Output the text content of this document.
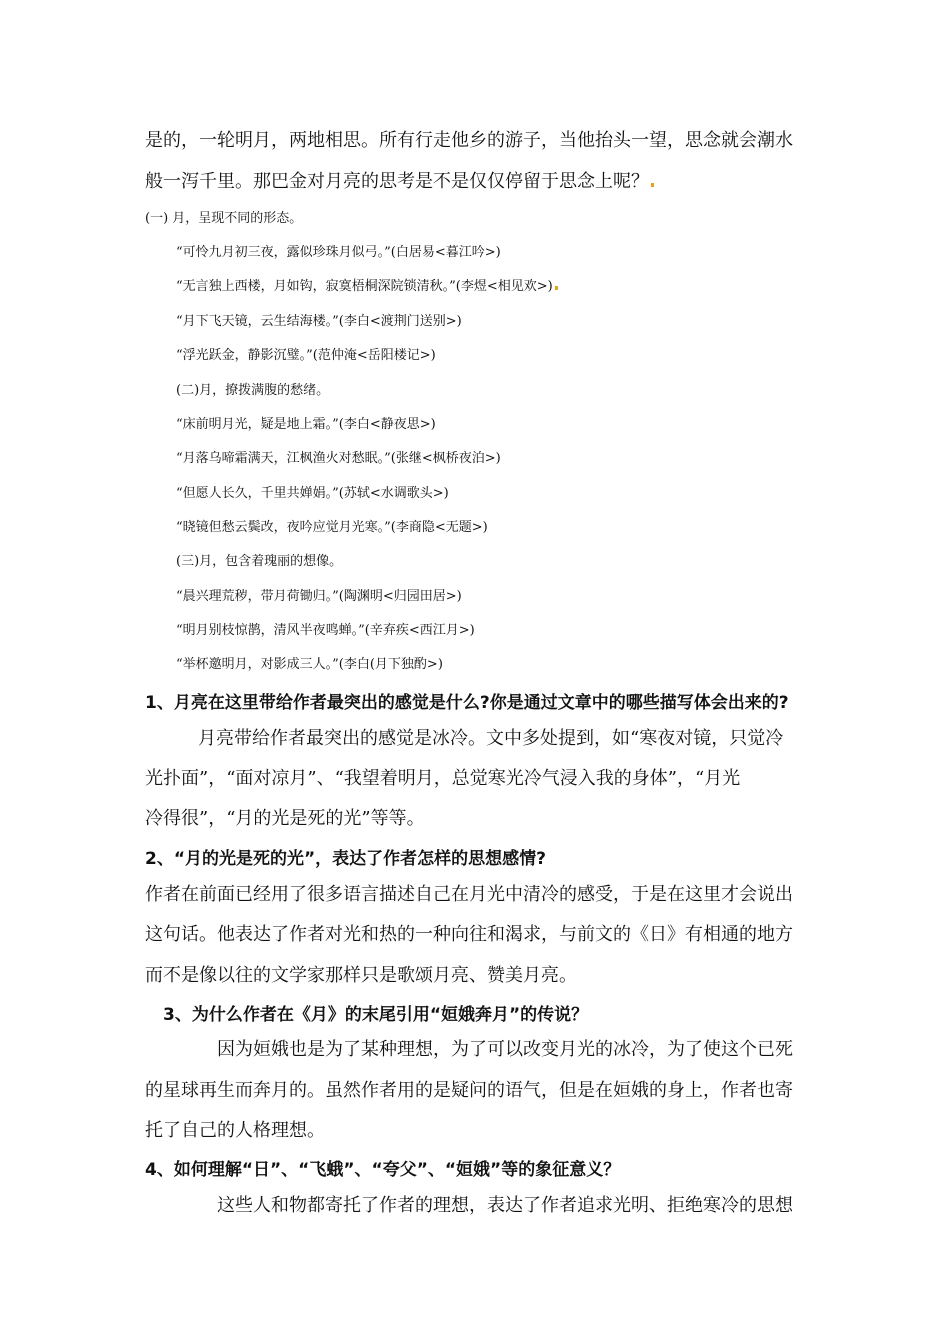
是的，一轮明月，两地相思。所有行走他乡的游子，当他抬头一望，思念就会潮水
般一泻千里。那巴金对月亮的思考是不是仅仅停留于思念上呢？
(一) 月，呈现不同的形态。
“可怜九月初三夜，露似珍珠月似弓。”(白居易<暮江吟>)
“无言独上西楼，月如钩，寂寞梧桐深院锁清秋。”(李煜<相见欢>)
“月下飞天镜，云生结海楼。”(李白<渡荆门送别>)
“浮光跃金，静影沉璧。”(范仲淹<岳阳楼记>)
(二)月，撩拨满腹的愁绪。
“床前明月光，疑是地上霜。”(李白<静夜思>)
“月落乌啼霜满天，江枫渔火对愁眠。”(张继<枫桥夜泊>)
“但愿人长久，千里共婵娟。”(苏轼<水调歌头>)
“晓镜但愁云鬓改，夜吟应觉月光寒。”(李商隐<无题>)
(三)月，包含着瑰丽的想像。
“晨兴理荒秽，带月荷锄归。”(陶渊明<归园田居>)
“明月别枝惊鹊，清风半夜鸣蝉。”(辛弃疾<西江月>)
“举杯邀明月，对影成三人。”(李白(月下独酌>)
1、月亮在这里带给作者最突出的感觉是什么?你是通过文章中的哪些描写体会出来的?
月亮带给作者最突出的感觉是冰冷。文中多处提到，如“寒夜对镜，只觉冷
光扑面”，“面对凉月”、“我望着明月，总觉寒光冷气浸入我的身体”，“月光
冷得很”，“月的光是死的光”等等。
2、“月的光是死的光”，表达了作者怎样的思想感情?
作者在前面已经用了很多语言描述自己在月光中清冷的感受，于是在这里才会说出
这句话。他表达了作者对光和热的一种向往和渴求，与前文的《日》有相通的地方
而不是像以往的文学家那样只是歌颂月亮、赞美月亮。
3、为什么作者在《月》的末尾引用“姮娥奔月”的传说？
因为姮娥也是为了某种理想，为了可以改变月光的冰冷，为了使这个已死
的星球再生而奔月的。虽然作者用的是疑问的语气，但是在姮娥的身上，作者也寄
托了自己的人格理想。
4、如何理解“日”、“飞蛾”、“夸父”、“姮娥”等的象征意义？
这些人和物都寄托了作者的理想，表达了作者追求光明、拒绝寒冷的思想
